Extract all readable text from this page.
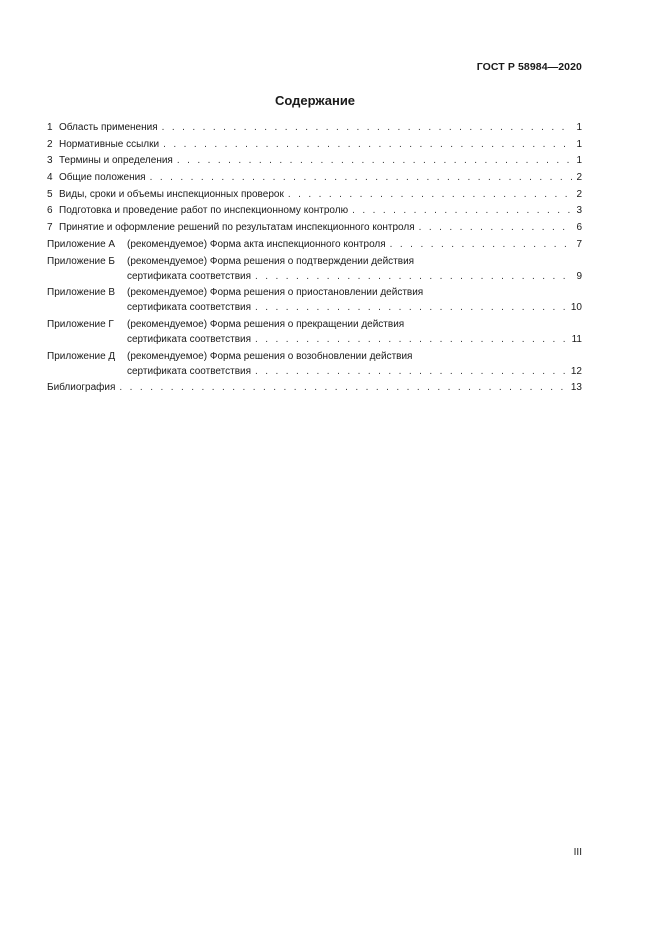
ГОСТ Р 58984—2020
Содержание
1 Область применения . . .	1
2 Нормативные ссылки . . .	1
3 Термины и определения . . .	1
4 Общие положения . . .	2
5 Виды, сроки и объемы инспекционных проверок . . .	2
6 Подготовка и проведение работ по инспекционному контролю . . .	3
7 Принятие и оформление решений по результатам инспекционного контроля . . .	6
Приложение А	(рекомендуемое) Форма акта инспекционного контроля . . .	7
Приложение Б	(рекомендуемое) Форма решения о подтверждении действия
сертификата соответствия . . .	9
Приложение В	(рекомендуемое) Форма решения о приостановлении действия
сертификата соответствия . . .	10
Приложение Г	(рекомендуемое) Форма решения о прекращении действия
сертификата соответствия . . .	11
Приложение Д	(рекомендуемое) Форма решения о возобновлении действия
сертификата соответствия . . .	12
Библиография . . .	13
III
